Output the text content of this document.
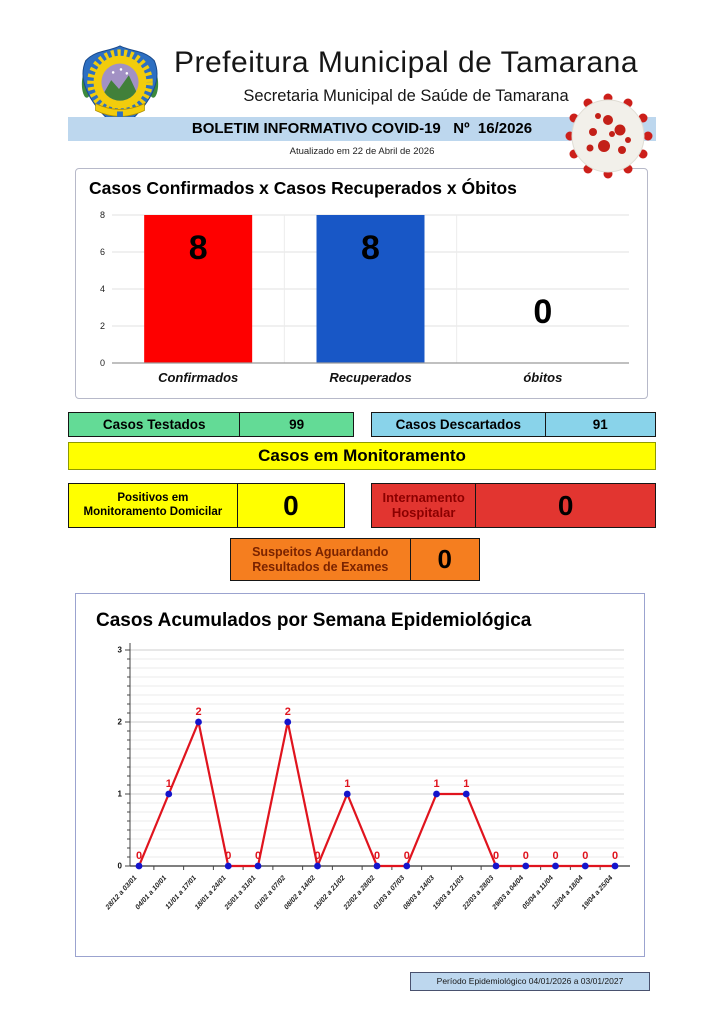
Prefeitura Municipal de Tamarana
Secretaria Municipal de Saúde de Tamarana
BOLETIM INFORMATIVO COVID-19   Nº  16/2026
Atualizado em 22 de Abril de 2026
Casos Confirmados x Casos Recuperados x Óbitos
0
2
4
6
8
8
Confirmados
8
Recuperados
0
óbitos
Casos Testados	99	Casos Descartados	91
Casos em Monitoramento
Positivos em
Monitoramento Domicilar	0	Internamento
Hospitalar	0
Suspeitos Aguardando
Resultados de Exames	0
Casos Acumulados por Semana Epidemiológica
0
1
2
3
0
28/12 a 03/01
1
04/01 a 10/01
2
11/01 a 17/01
0
18/01 a 24/01
0
25/01 a 31/01
2
01/02 a 07/02
0
08/02 a 14/02
1
15/02 a 21/02
0
22/02 a 28/02
0
01/03 a 07/03
1
08/03 a 14/03
1
15/03 a 21/03
0
22/03 a 28/03
0
29/03 a 04/04
0
05/04 a 11/04
0
12/04 a 18/04
0
19/04 a 25/04
Período Epidemiológico 04/01/2026 a 03/01/2027
